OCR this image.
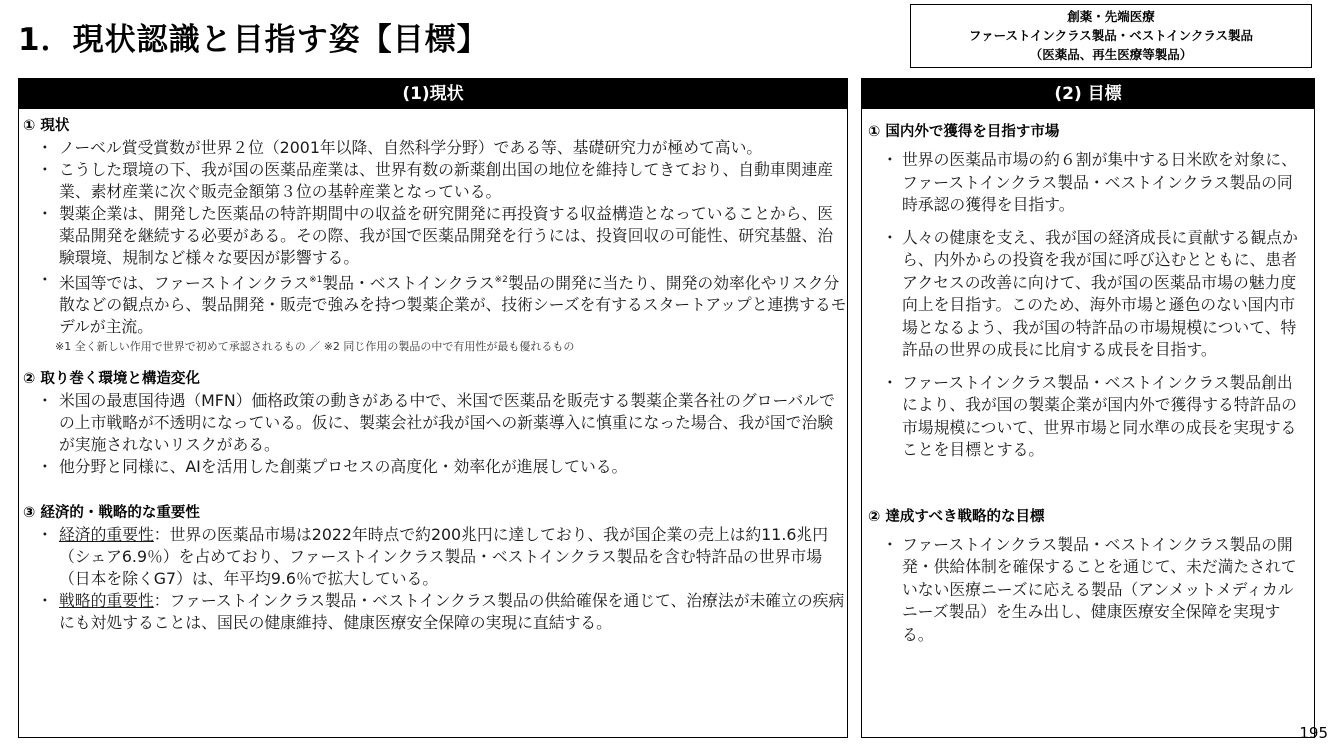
1．現状認識と目指す姿【目標】
創薬・先端医療
ファーストインクラス製品・ベストインクラス製品
（医薬品、再生医療等製品）
(1)現状
① 現状

・ ノーベル賞受賞数が世界２位（2001年以降、自然科学分野）である等、基礎研究力が極めて高い。

・ こうした環境の下、我が国の医薬品産業は、世界有数の新薬創出国の地位を維持してきており、自動車関連産業、素材産業に次ぐ販売金額第３位の基幹産業となっている。

・ 製薬企業は、開発した医薬品の特許期間中の収益を研究開発に再投資する収益構造となっていることから、医薬品開発を継続する必要がある。その際、我が国で医薬品開発を行うには、投資回収の可能性、研究基盤、治験環境、規制など様々な要因が影響する。

・ 米国等では、ファーストインクラス$^{※1}$製品・ベストインクラス$^{※2}$製品の開発に当たり、開発の効率化やリスク分散などの観点から、製品開発・販売で強みを持つ製薬企業が、技術シーズを有するスタートアップと連携するモデルが主流。

※1 全く新しい作用で世界で初めて承認されるもの ／ ※2 同じ作用の製品の中で有用性が最も優れるもの
② 取り巻く環境と構造変化

・ 米国の最恵国待遇（MFN）価格政策の動きがある中で、米国で医薬品を販売する製薬企業各社のグローバルでの上市戦略が不透明になっている。仮に、製薬会社が我が国への新薬導入に慎重になった場合、我が国で治験が実施されないリスクがある。

・ 他分野と同様に、AIを活用した創薬プロセスの高度化・効率化が進展している。

③ 経済的・戦略的な重要性

・ 経済的重要性：世界の医薬品市場は2022年時点で約200兆円に達しており、我が国企業の売上は約11.6兆円（シェア6.9％）を占めており、ファーストインクラス製品・ベストインクラス製品を含む特許品の世界市場（日本を除くG7）は、年平均9.6％で拡大している。

・ 戦略的重要性：ファーストインクラス製品・ベストインクラス製品の供給確保を通じて、治療法が未確立の疾病にも対処することは、国民の健康維持、健康医療安全保障の実現に直結する。

(2) 目標
① 国内外で獲得を目指す市場

・ 世界の医薬品市場の約６割が集中する日米欧を対象に、ファーストインクラス製品・ベストインクラス製品の同時承認の獲得を目指す。

・ 人々の健康を支え、我が国の経済成長に貢献する観点から、内外からの投資を我が国に呼び込むとともに、患者アクセスの改善に向けて、我が国の医薬品市場の魅力度向上を目指す。このため、海外市場と遜色のない国内市場となるよう、我が国の特許品の市場規模について、特許品の世界の成長に比肩する成長を目指す。

・ ファーストインクラス製品・ベストインクラス製品創出により、我が国の製薬企業が国内外で獲得する特許品の市場規模について、世界市場と同水準の成長を実現することを目標とする。

② 達成すべき戦略的な目標

・ ファーストインクラス製品・ベストインクラス製品の開発・供給体制を確保することを通じて、未だ満たされていない医療ニーズに応える製品（アンメットメディカルニーズ製品）を生み出し、健康医療安全保障を実現する。

195
